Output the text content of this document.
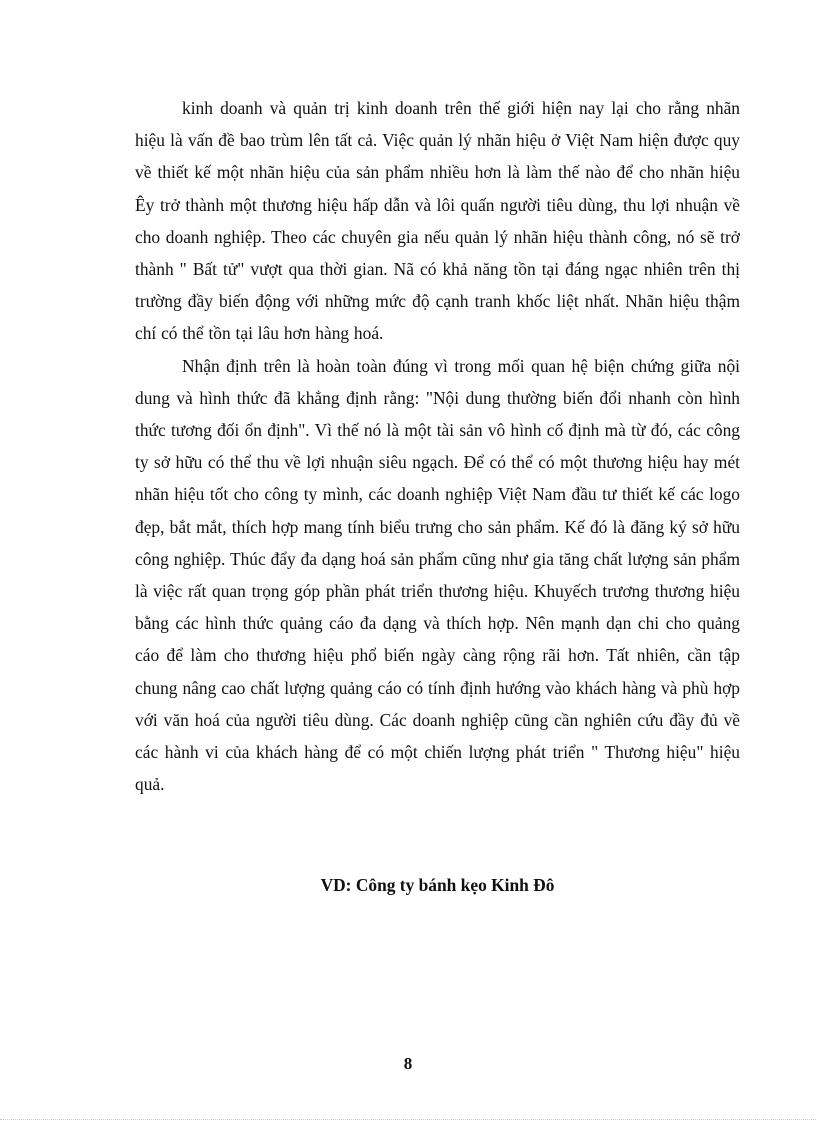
kinh doanh và quản trị kinh doanh trên thế giới hiện nay lại cho rằng nhãn hiệu là vấn đề bao trùm lên tất cả. Việc quản lý nhãn hiệu ở Việt Nam hiện được quy về thiết kế một nhãn hiệu của sản phẩm nhiều hơn là làm thế nào để cho nhãn hiệu Êy trở thành một thương hiệu hấp dẫn và lôi quấn người tiêu dùng, thu lợi nhuận về cho doanh nghiệp. Theo các chuyên gia nếu quản lý nhãn hiệu thành công, nó sẽ trở thành " Bất tử" vượt qua thời gian. Nã có khả năng tồn tại đáng ngạc nhiên trên thị trường đầy biến động với những mức độ cạnh tranh khốc liệt nhất. Nhãn hiệu thậm chí có thể tồn tại lâu hơn hàng hoá.

Nhận định trên là hoàn toàn đúng vì trong mối quan hệ biện chứng giữa nội dung và hình thức đã khẳng định rằng: "Nội dung thường biến đổi nhanh còn hình thức tương đối ổn định". Vì thế nó là một tài sản vô hình cố định mà từ đó, các công ty sở hữu có thể thu về lợi nhuận siêu ngạch. Để có thể có một thương hiệu hay mét nhãn hiệu tốt cho công ty mình, các doanh nghiệp Việt Nam đầu tư thiết kế các logo đẹp, bắt mắt, thích hợp mang tính biểu trưng cho sản phẩm. Kế đó là đăng ký sở hữu công nghiệp. Thúc đẩy đa dạng hoá sản phẩm cũng như gia tăng chất lượng sản phẩm là việc rất quan trọng góp phần phát triển thương hiệu. Khuyếch trương thương hiệu bằng các hình thức quảng cáo đa dạng và thích hợp. Nên mạnh dạn chi cho quảng cáo để làm cho thương hiệu phổ biến ngày càng rộng rãi hơn. Tất nhiên, cần tập chung nâng cao chất lượng quảng cáo có tính định hướng vào khách hàng và phù hợp với văn hoá của người tiêu dùng. Các doanh nghiệp cũng cần nghiên cứu đầy đủ về các hành vi của khách hàng để có một chiến lượng phát triển " Thương hiệu" hiệu quả.

VD: Công ty bánh kẹo Kinh Đô

8
